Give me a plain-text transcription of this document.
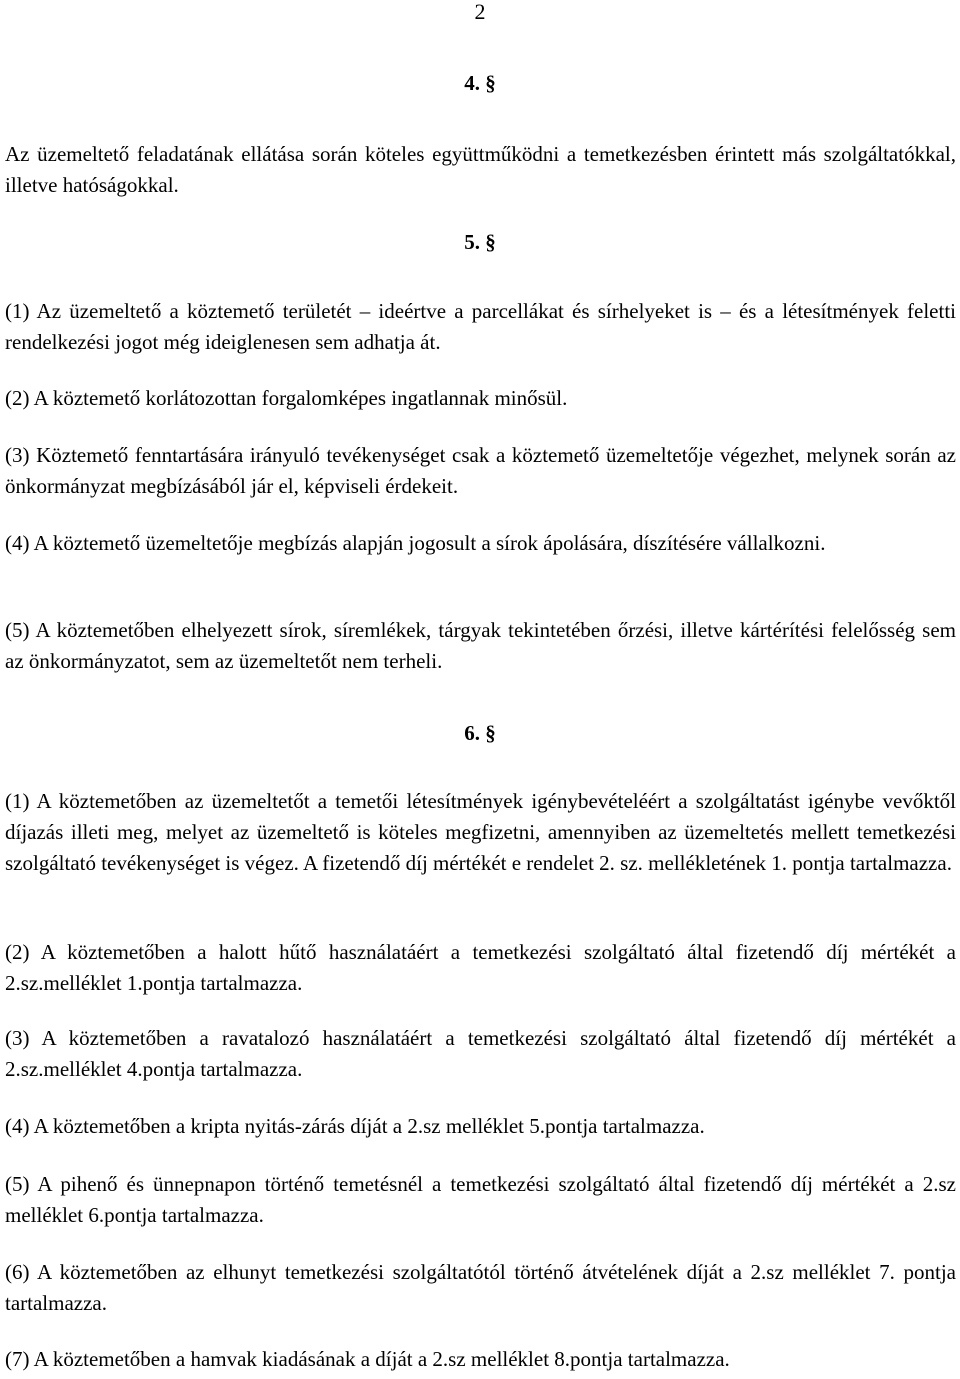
2

4. §

Az üzemeltető feladatának ellátása során köteles együttműködni a temetkezésben érintett más szolgáltatókkal, illetve hatóságokkal.

5. §

(1) Az üzemeltető a köztemető területét – ideértve a parcellákat és sírhelyeket is – és a létesítmények feletti rendelkezési jogot még ideiglenesen sem adhatja át.

(2) A köztemető korlátozottan forgalomképes ingatlannak minősül.

(3) Köztemető fenntartására irányuló tevékenységet csak a köztemető üzemeltetője végezhet, melynek során az önkormányzat megbízásából jár el, képviseli érdekeit.

(4) A köztemető üzemeltetője megbízás alapján jogosult a sírok ápolására, díszítésére vállalkozni.

(5) A köztemetőben elhelyezett sírok, síremlékek, tárgyak tekintetében őrzési, illetve kártérítési felelősség sem az önkormányzatot, sem az üzemeltetőt nem terheli.

6. §

(1) A köztemetőben az üzemeltetőt a temetői létesítmények igénybevételéért a szolgáltatást igénybe vevőktől díjazás illeti meg, melyet az üzemeltető is köteles megfizetni, amennyiben az üzemeltetés mellett temetkezési szolgáltató tevékenységet is végez. A fizetendő díj mértékét e rendelet 2. sz. mellékletének 1. pontja tartalmazza.

(2) A köztemetőben a halott hűtő használatáért a temetkezési szolgáltató által fizetendő díj mértékét a 2.sz.melléklet 1.pontja tartalmazza.

(3) A köztemetőben a ravatalozó használatáért a temetkezési szolgáltató által fizetendő díj mértékét a 2.sz.melléklet 4.pontja tartalmazza.

(4) A köztemetőben a kripta nyitás-zárás díját a 2.sz melléklet 5.pontja tartalmazza.

(5) A pihenő és ünnepnapon történő temetésnél a temetkezési szolgáltató által fizetendő díj mértékét a 2.sz melléklet 6.pontja tartalmazza.

(6) A köztemetőben az elhunyt temetkezési szolgáltatótól történő átvételének díját a 2.sz melléklet 7. pontja tartalmazza.

(7) A köztemetőben a hamvak kiadásának a díját a 2.sz melléklet 8.pontja tartalmazza.
